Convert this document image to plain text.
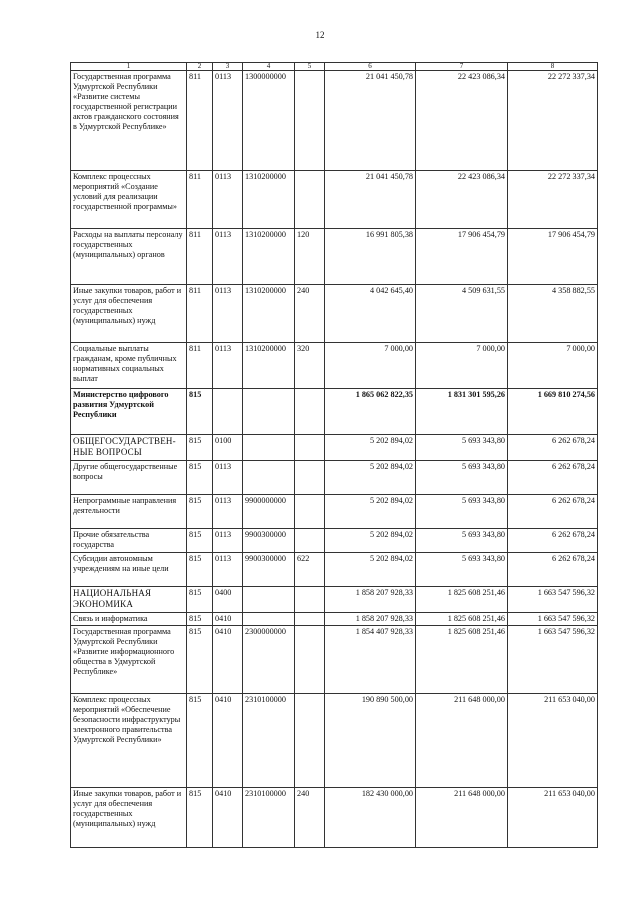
12
1	2	3	4	5	6	7	8
Государственная программа Удмуртской Республики «Развитие системы государственной регистрации актов гражданского состояния в Удмуртской Республике»	811	0113	1300000000		21 041 450,78	22 423 086,34	22 272 337,34
Комплекс процессных мероприятий «Создание условий для реализации государственной программы»	811	0113	1310200000		21 041 450,78	22 423 086,34	22 272 337,34
Расходы на выплаты персоналу государственных (муниципальных) органов	811	0113	1310200000	120	16 991 805,38	17 906 454,79	17 906 454,79
Иные закупки товаров, работ и услуг для обеспечения государственных (муниципальных) нужд	811	0113	1310200000	240	4 042 645,40	4 509 631,55	4 358 882,55
Социальные выплаты гражданам, кроме публичных нормативных социальных выплат	811	0113	1310200000	320	7 000,00	7 000,00	7 000,00
Министерство цифрового развития Удмуртской Республики	815				1 865 062 822,35	1 831 301 595,26	1 669 810 274,56
ОБЩЕГОСУДАРСТВЕН-НЫЕ ВОПРОСЫ	815	0100			5 202 894,02	5 693 343,80	6 262 678,24
Другие общегосударственные вопросы	815	0113			5 202 894,02	5 693 343,80	6 262 678,24
Непрограммные направления деятельности	815	0113	9900000000		5 202 894,02	5 693 343,80	6 262 678,24
Прочие обязательства государства	815	0113	9900300000		5 202 894,02	5 693 343,80	6 262 678,24
Субсидии автономным учреждениям на иные цели	815	0113	9900300000	622	5 202 894,02	5 693 343,80	6 262 678,24
НАЦИОНАЛЬНАЯ ЭКОНОМИКА	815	0400			1 858 207 928,33	1 825 608 251,46	1 663 547 596,32
Связь и информатика	815	0410			1 858 207 928,33	1 825 608 251,46	1 663 547 596,32
Государственная программа Удмуртской Республики «Развитие информационного общества в Удмуртской Республике»	815	0410	2300000000		1 854 407 928,33	1 825 608 251,46	1 663 547 596,32
Комплекс процессных мероприятий «Обеспечение безопасности инфраструктуры электронного правительства Удмуртской Республики»	815	0410	2310100000		190 890 500,00	211 648 000,00	211 653 040,00
Иные закупки товаров, работ и услуг для обеспечения государственных (муниципальных) нужд	815	0410	2310100000	240	182 430 000,00	211 648 000,00	211 653 040,00
